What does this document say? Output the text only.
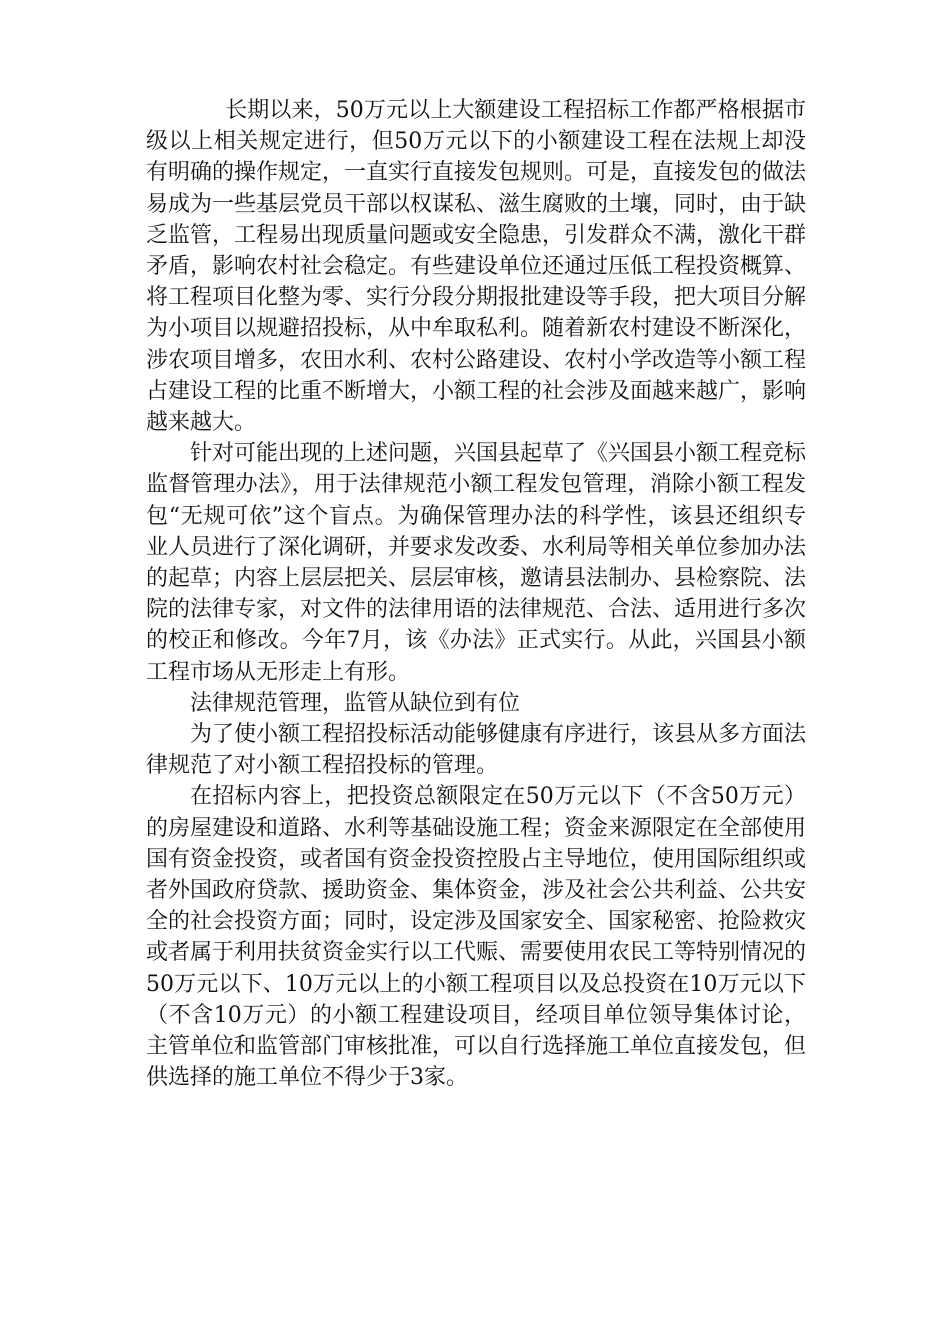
长期以来，50万元以上大额建设工程招标工作都严格根据市级以上相关规定进行，但50万元以下的小额建设工程在法规上却没有明确的操作规定，一直实行直接发包规则。可是，直接发包的做法易成为一些基层党员干部以权谋私、滋生腐败的土壤，同时，由于缺乏监管，工程易出现质量问题或安全隐患，引发群众不满，激化干群矛盾，影响农村社会稳定。有些建设单位还通过压低工程投资概算、将工程项目化整为零、实行分段分期报批建设等手段，把大项目分解为小项目以规避招投标，从中牟取私利。随着新农村建设不断深化，涉农项目增多，农田水利、农村公路建设、农村小学改造等小额工程占建设工程的比重不断增大，小额工程的社会涉及面越来越广，影响越来越大。

针对可能出现的上述问题，兴国县起草了《兴国县小额工程竞标监督管理办法》，用于法律规范小额工程发包管理，消除小额工程发包“无规可依”这个盲点。为确保管理办法的科学性，该县还组织专业人员进行了深化调研，并要求发改委、水利局等相关单位参加办法的起草；内容上层层把关、层层审核，邀请县法制办、县检察院、法院的法律专家，对文件的法律用语的法律规范、合法、适用进行多次的校正和修改。今年7月，该《办法》正式实行。从此，兴国县小额工程市场从无形走上有形。

法律规范管理，监管从缺位到有位

为了使小额工程招投标活动能够健康有序进行，该县从多方面法律规范了对小额工程招投标的管理。

在招标内容上，把投资总额限定在50万元以下（不含50万元）的房屋建设和道路、水利等基础设施工程；资金来源限定在全部使用国有资金投资，或者国有资金投资控股占主导地位，使用国际组织或者外国政府贷款、援助资金、集体资金，涉及社会公共利益、公共安全的社会投资方面；同时，设定涉及国家安全、国家秘密、抢险救灾或者属于利用扶贫资金实行以工代赈、需要使用农民工等特别情况的50万元以下、10万元以上的小额工程项目以及总投资在10万元以下（不含10万元）的小额工程建设项目，经项目单位领导集体讨论，主管单位和监管部门审核批准，可以自行选择施工单位直接发包，但供选择的施工单位不得少于3家。
